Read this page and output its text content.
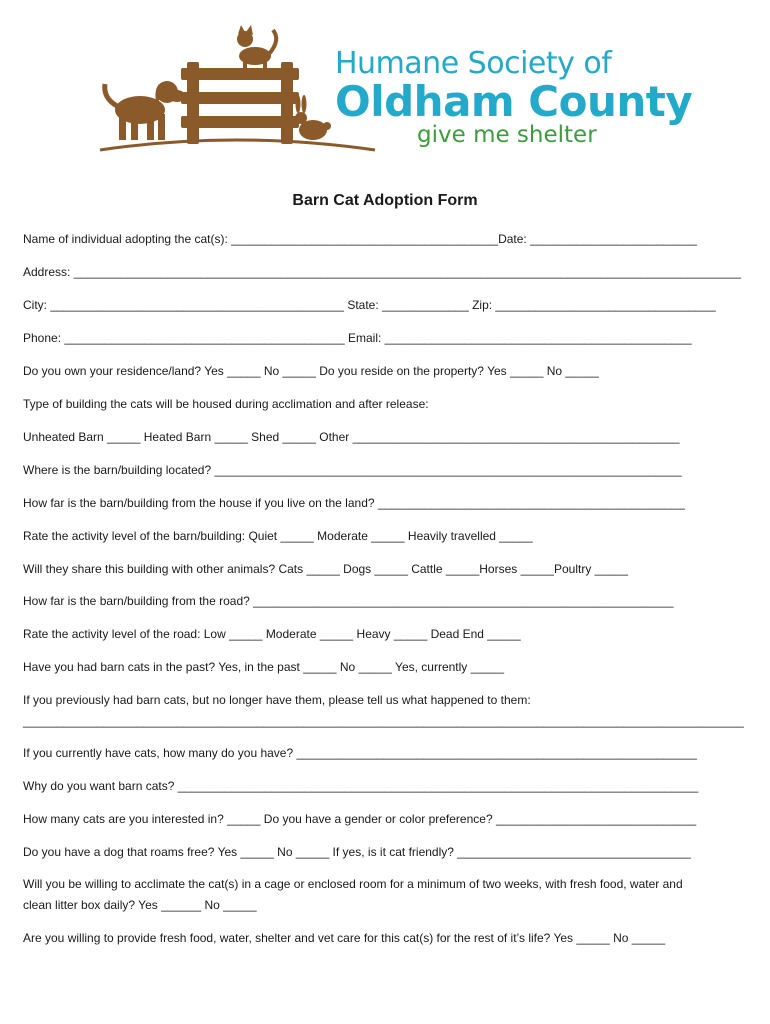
Humane Society of
Oldham County
give me shelter
Barn Cat Adoption Form
Name of individual adopting the cat(s): ________________________________________Date: _________________________
Address: ____________________________________________________________________________________________________
City: ____________________________________________ State: _____________ Zip: _________________________________
Phone: __________________________________________ Email: ______________________________________________
Do you own your residence/land? Yes _____ No _____ Do you reside on the property? Yes _____ No _____
Type of building the cats will be housed during acclimation and after release:
Unheated Barn _____ Heated Barn _____ Shed _____ Other _________________________________________________
Where is the barn/building located? ______________________________________________________________________
How far is the barn/building from the house if you live on the land? ______________________________________________
Rate the activity level of the barn/building: Quiet _____ Moderate _____ Heavily travelled _____
Will they share this building with other animals? Cats _____ Dogs _____ Cattle _____Horses _____Poultry _____
How far is the barn/building from the road? _______________________________________________________________
Rate the activity level of the road: Low _____ Moderate _____ Heavy _____ Dead End _____
Have you had barn cats in the past? Yes, in the past _____ No _____ Yes, currently _____
If you previously had barn cats, but no longer have them, please tell us what happened to them:
____________________________________________________________________________________________________________
If you currently have cats, how many do you have? ____________________________________________________________
Why do you want barn cats? ______________________________________________________________________________
How many cats are you interested in? _____ Do you have a gender or color preference? ______________________________
Do you have a dog that roams free? Yes _____ No _____ If yes, is it cat friendly? ___________________________________
Will you be willing to acclimate the cat(s) in a cage or enclosed room for a minimum of two weeks, with fresh food, water and
clean litter box daily? Yes ______ No _____
Are you willing to provide fresh food, water, shelter and vet care for this cat(s) for the rest of it’s life? Yes _____ No _____
